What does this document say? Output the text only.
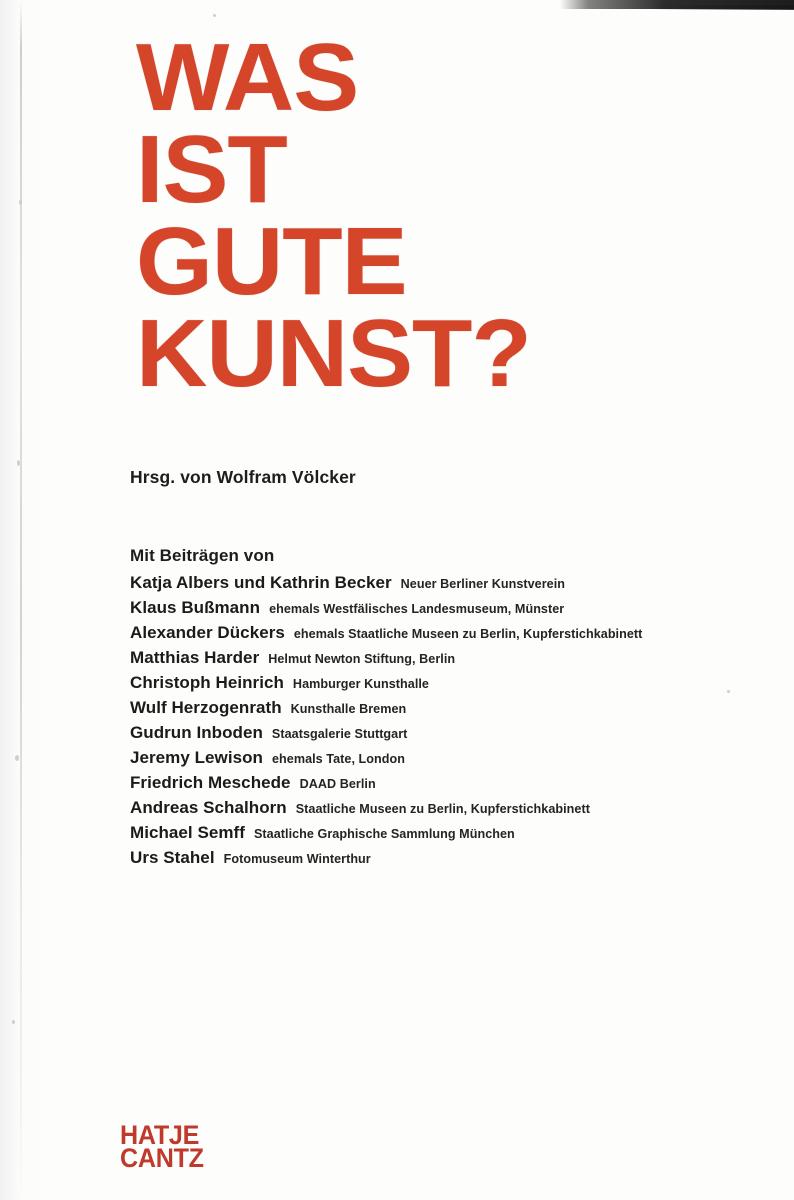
WAS
IST
GUTE
KUNST?
Hrsg. von Wolfram Völcker
Mit Beiträgen von
Katja Albers und Kathrin Becker Neuer Berliner Kunstverein
Klaus Bußmann ehemals Westfälisches Landesmuseum, Münster
Alexander Dückers ehemals Staatliche Museen zu Berlin, Kupferstichkabinett
Matthias Harder Helmut Newton Stiftung, Berlin
Christoph Heinrich Hamburger Kunsthalle
Wulf Herzogenrath Kunsthalle Bremen
Gudrun Inboden Staatsgalerie Stuttgart
Jeremy Lewison ehemals Tate, London
Friedrich Meschede DAAD Berlin
Andreas Schalhorn Staatliche Museen zu Berlin, Kupferstichkabinett
Michael Semff Staatliche Graphische Sammlung München
Urs Stahel Fotomuseum Winterthur
HATJE
CANTZ
